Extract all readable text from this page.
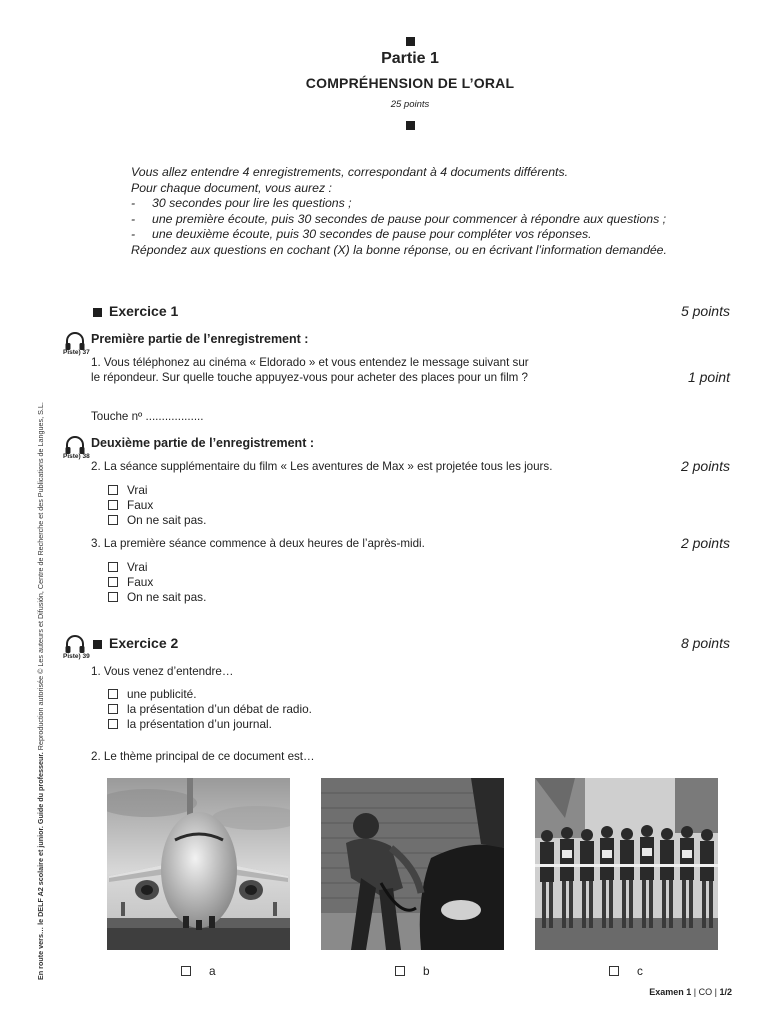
Partie 1
COMPRÉHENSION DE L’ORAL
25 points
Vous allez entendre 4 enregistrements, correspondant à 4 documents différents.
Pour chaque document, vous aurez :
- 30 secondes pour lire les questions ;
- une première écoute, puis 30 secondes de pause pour commencer à répondre aux questions ;
- une deuxième écoute, puis 30 secondes de pause pour compléter vos réponses.
Répondez aux questions en cochant (X) la bonne réponse, ou en écrivant l’information demandée.
Exercice 1	5 points
Piste) 37
Première partie de l’enregistrement :
1. Vous téléphonez au cinéma « Eldorado » et vous entendez le message suivant sur
le répondeur. Sur quelle touche appuyez-vous pour acheter des places pour un film ?	1 point
Touche nº ..................
Piste) 38
Deuxième partie de l’enregistrement :
2. La séance supplémentaire du film « Les aventures de Max » est projetée tous les jours.	2 points
Vrai
Faux
On ne sait pas.
3. La première séance commence à deux heures de l’après-midi.	2 points
Vrai
Faux
On ne sait pas.
Piste) 39
Exercice 2	8 points
1. Vous venez d’entendre…
une publicité.
la présentation d’un débat de radio.
la présentation d’un journal.
2. Le thème principal de ce document est…
a	b	c
En route vers… le DELF A2 scolaire et junior. Guide du professeur. Reproduction autorisée © Les auteurs et Difusión, Centre de Recherche et des Publications de Langues, S.L.
Examen 1 | CO | 1/2
